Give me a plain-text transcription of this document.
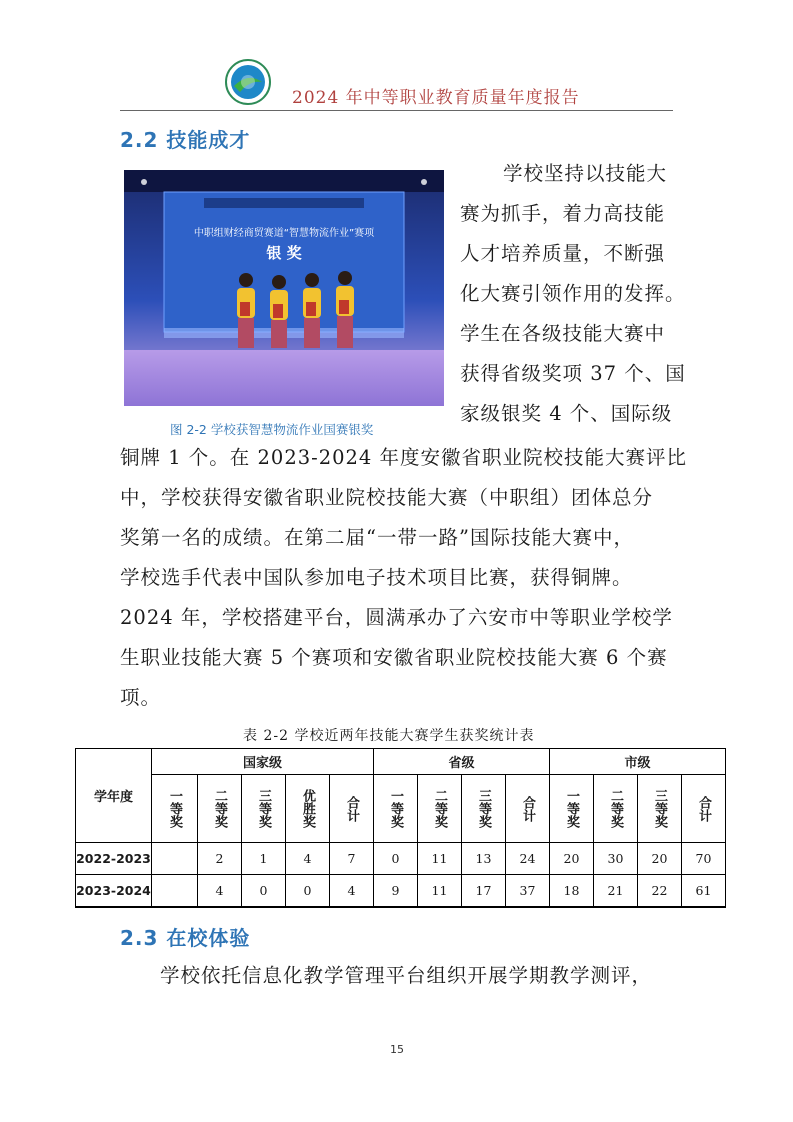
2024 年中等职业教育质量年度报告
2.2 技能成才
中职组财经商贸赛道“智慧物流作业”赛项
银 奖
图 2-2 学校获智慧物流作业国赛银奖
学校坚持以技能大
赛为抓手，着力高技能
人才培养质量，不断强
化大赛引领作用的发挥。
学生在各级技能大赛中
获得省级奖项 37 个、国
家级银奖 4 个、国际级
铜牌 1 个。在 2023-2024 年度安徽省职业院校技能大赛评比
中，学校获得安徽省职业院校技能大赛（中职组）团体总分
奖第一名的成绩。在第二届“一带一路”国际技能大赛中，
学校选手代表中国队参加电子技术项目比赛，获得铜牌。
2024 年，学校搭建平台，圆满承办了六安市中等职业学校学
生职业技能大赛 5 个赛项和安徽省职业院校技能大赛 6 个赛
项。
表 2-2 学校近两年技能大赛学生获奖统计表
学年度	国家级					省级				市级			
	一等奖	二等奖	三等奖	优胜奖	合计	一等奖	二等奖	三等奖	合计	一等奖	二等奖	三等奖	合计
2022-2023		2	1	4	7	0	11	13	24	20	30	20	70
2023-2024		4	0	0	4	9	11	17	37	18	21	22	61
2.3 在校体验
学校依托信息化教学管理平台组织开展学期教学测评，
15
